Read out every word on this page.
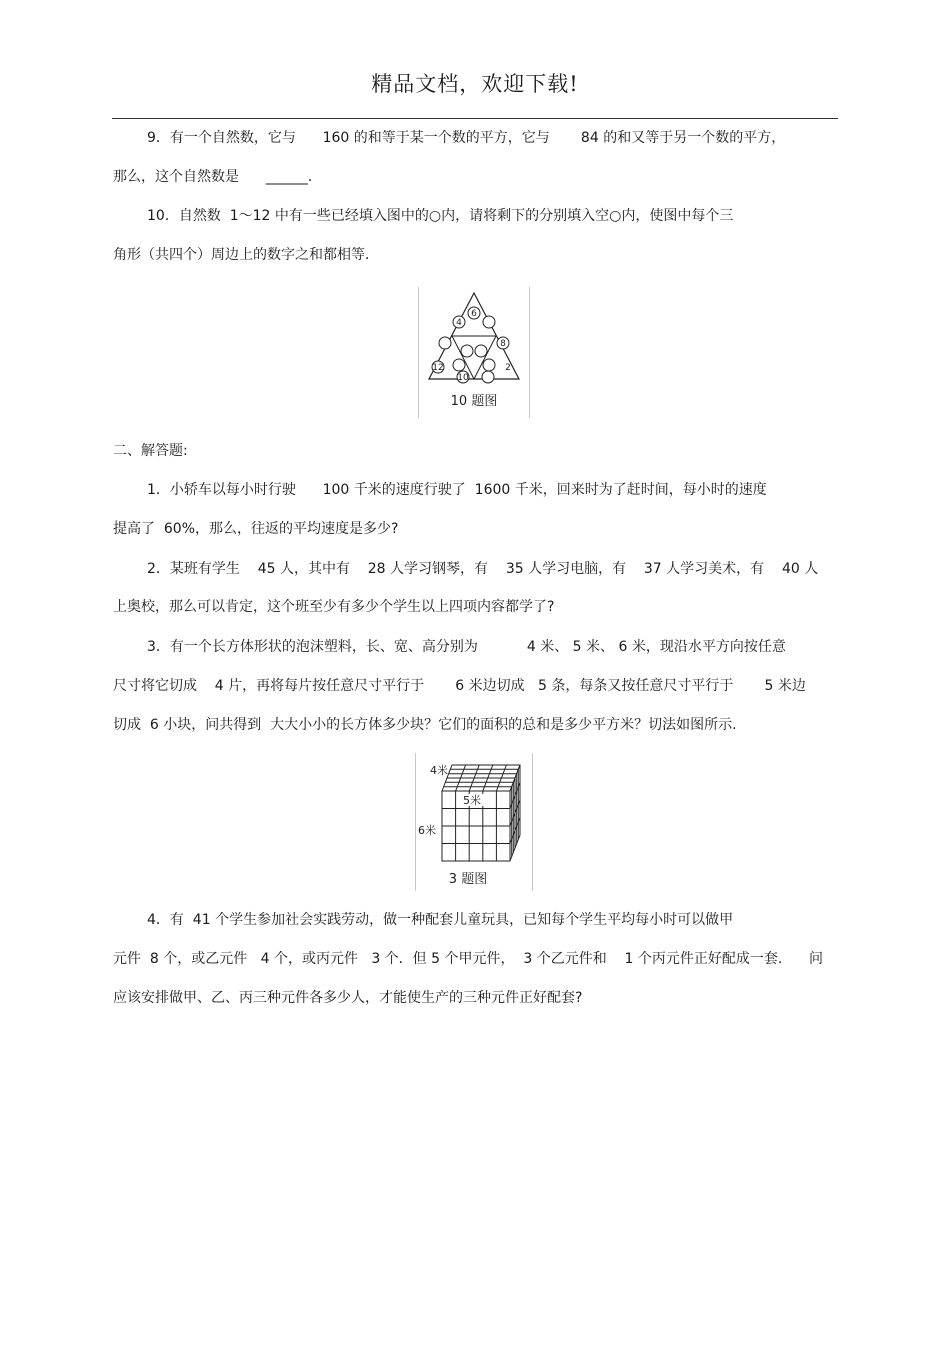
精品文档，欢迎下载!
9．有一个自然数，它与      160 的和等于某一个数的平方，它与       84 的和又等于另一个数的平方，
那么，这个自然数是      ______.
10．自然数  1～12 中有一些已经填入图中的○内，请将剩下的分别填入空○内，使图中每个三
角形（共四个）周边上的数字之和都相等.
6
4
8
12
10
2
10 题图
二、解答题:
1．小轿车以每小时行驶      100 千米的速度行驶了  1600 千米，回来时为了赶时间，每小时的速度
提高了  60%，那么，往返的平均速度是多少?
2．某班有学生    45 人，其中有    28 人学习钢琴，有    35 人学习电脑，有    37 人学习美术，有    40 人
上奥校，那么可以肯定，这个班至少有多少个学生以上四项内容都学了?
3．有一个长方体形状的泡沫塑料，长、宽、高分别为           4 米、 5 米、 6 米，现沿水平方向按任意
尺寸将它切成    4 片，再将每片按任意尺寸平行于       6 米边切成   5 条，每条又按任意尺寸平行于       5 米边
切成  6 小块，问共得到  大大小小的长方体多少块？它们的面积的总和是多少平方米？切法如图所示.
4米
5米
6米
3 题图
4．有  41 个学生参加社会实践劳动，做一种配套儿童玩具，已知每个学生平均每小时可以做甲
元件  8 个，或乙元件   4 个，或丙元件   3 个．但 5 个甲元件，  3 个乙元件和    1 个丙元件正好配成一套.      问
应该安排做甲、乙、丙三种元件各多少人，才能使生产的三种元件正好配套?
